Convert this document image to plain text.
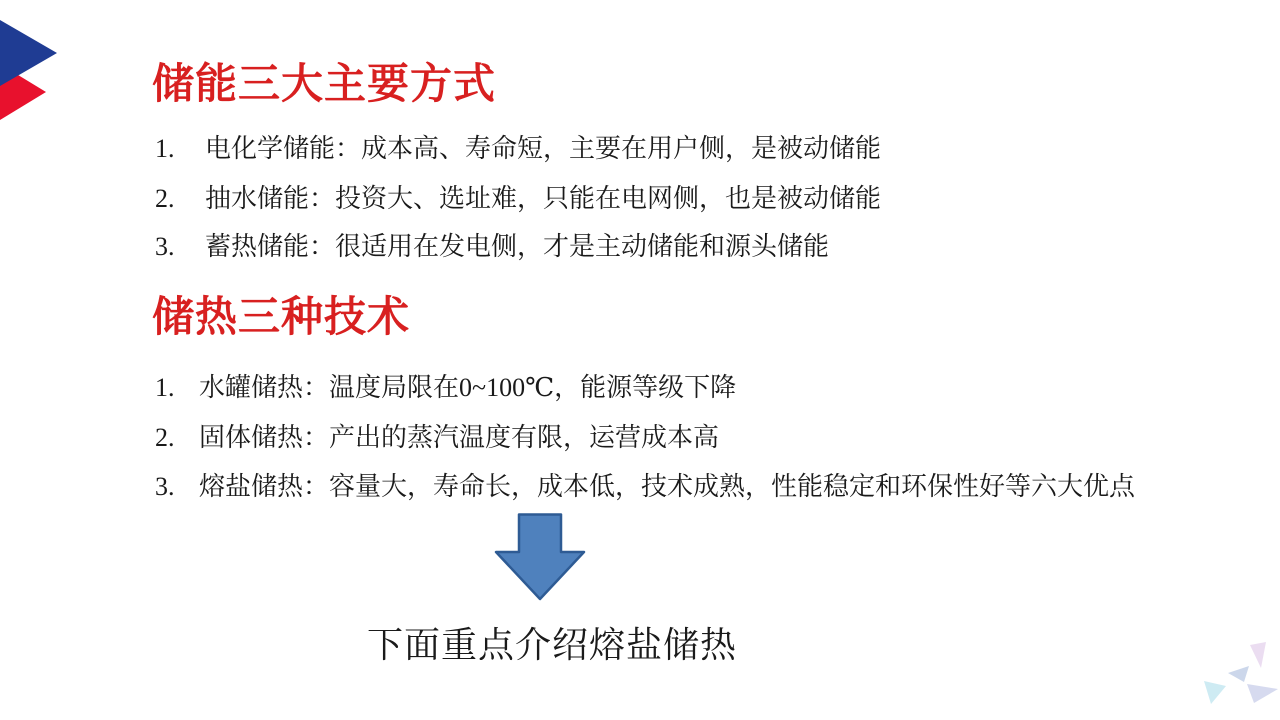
储能三大主要方式
1.	电化学储能：成本高、寿命短，主要在用户侧，是被动储能
2.	抽水储能：投资大、选址难，只能在电网侧，也是被动储能
3.	蓄热储能：很适用在发电侧，才是主动储能和源头储能
储热三种技术
1. 水罐储热：温度局限在0~100℃，能源等级下降
2. 固体储热：产出的蒸汽温度有限，运营成本高
3. 熔盐储热：容量大，寿命长，成本低，技术成熟，性能稳定和环保性好等六大优点
下面重点介绍熔盐储热
